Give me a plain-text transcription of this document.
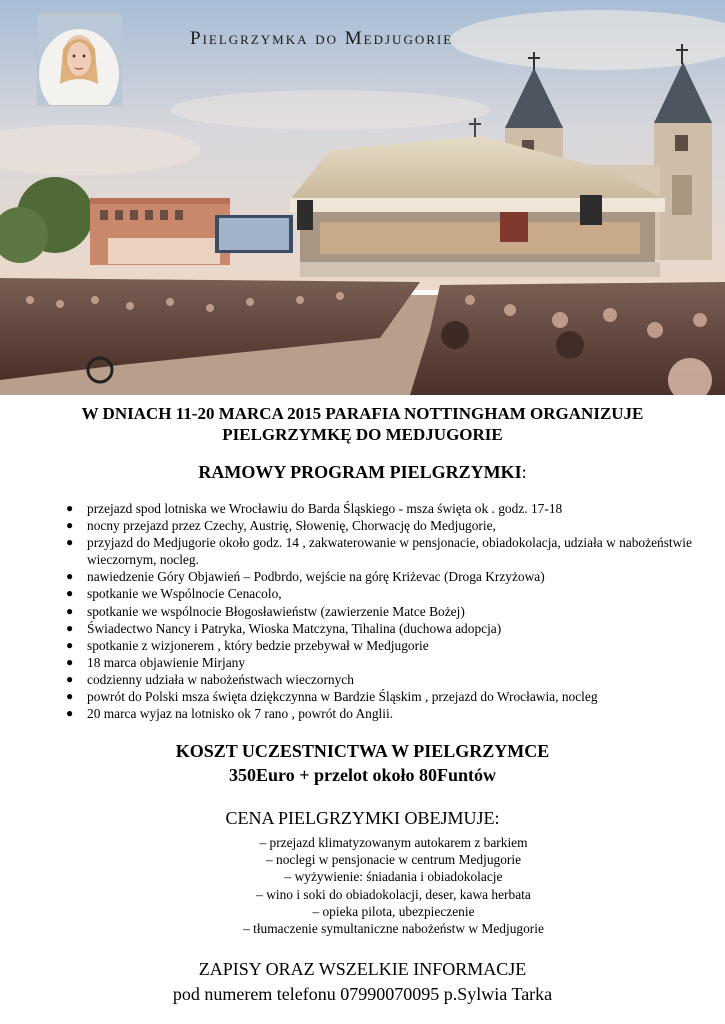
Pielgrzymka do Medjugorie
W DNIACH 11-20 MARCA 2015 PARAFIA NOTTINGHAM ORGANIZUJE
PIELGRZYMKĘ DO MEDJUGORIE
RAMOWY PROGRAM PIELGRZYMKI:
● przejazd spod lotniska we Wrocławiu do Barda Śląskiego - msza święta ok . godz. 17-18
● nocny przejazd przez Czechy, Austrię, Słowenię, Chorwację do Medjugorie,
● przyjazd do Medjugorie około godz. 14 , zakwaterowanie w pensjonacie, obiadokolacja, udziała w nabożeństwie wieczornym, nocleg.
● nawiedzenie Góry Objawień – Podbrdo, wejście na górę Kriżevac (Droga Krzyżowa)
● spotkanie we Wspólnocie Cenacolo,
● spotkanie we wspólnocie Błogosławieństw (zawierzenie Matce Bożej)
● Świadectwo Nancy i Patryka, Wioska Matczyna, Tihalina (duchowa adopcja)
● spotkanie z wizjonerem , który bedzie przebywał w Medjugorie
● 18 marca objawienie Mirjany
● codzienny udziała w nabożeństwach wieczornych
● powrót do Polski msza święta dziękczynna w Bardzie Śląskim , przejazd do Wrocławia, nocleg
● 20 marca wyjaz na lotnisko ok 7 rano , powrót do Anglii.
KOSZT UCZESTNICTWA W PIELGRZYMCE
350Euro + przelot około 80Funtów
CENA PIELGRZYMKI OBEJMUJE:
– przejazd klimatyzowanym autokarem z barkiem
– noclegi w pensjonacie w centrum Medjugorie
– wyżywienie: śniadania i obiadokolacje
– wino i soki do obiadokolacji, deser, kawa herbata
– opieka pilota, ubezpieczenie
– tłumaczenie symultaniczne nabożeństw w Medjugorie
ZAPISY ORAZ WSZELKIE INFORMACJE
pod numerem telefonu 07990070095 p.Sylwia Tarka
